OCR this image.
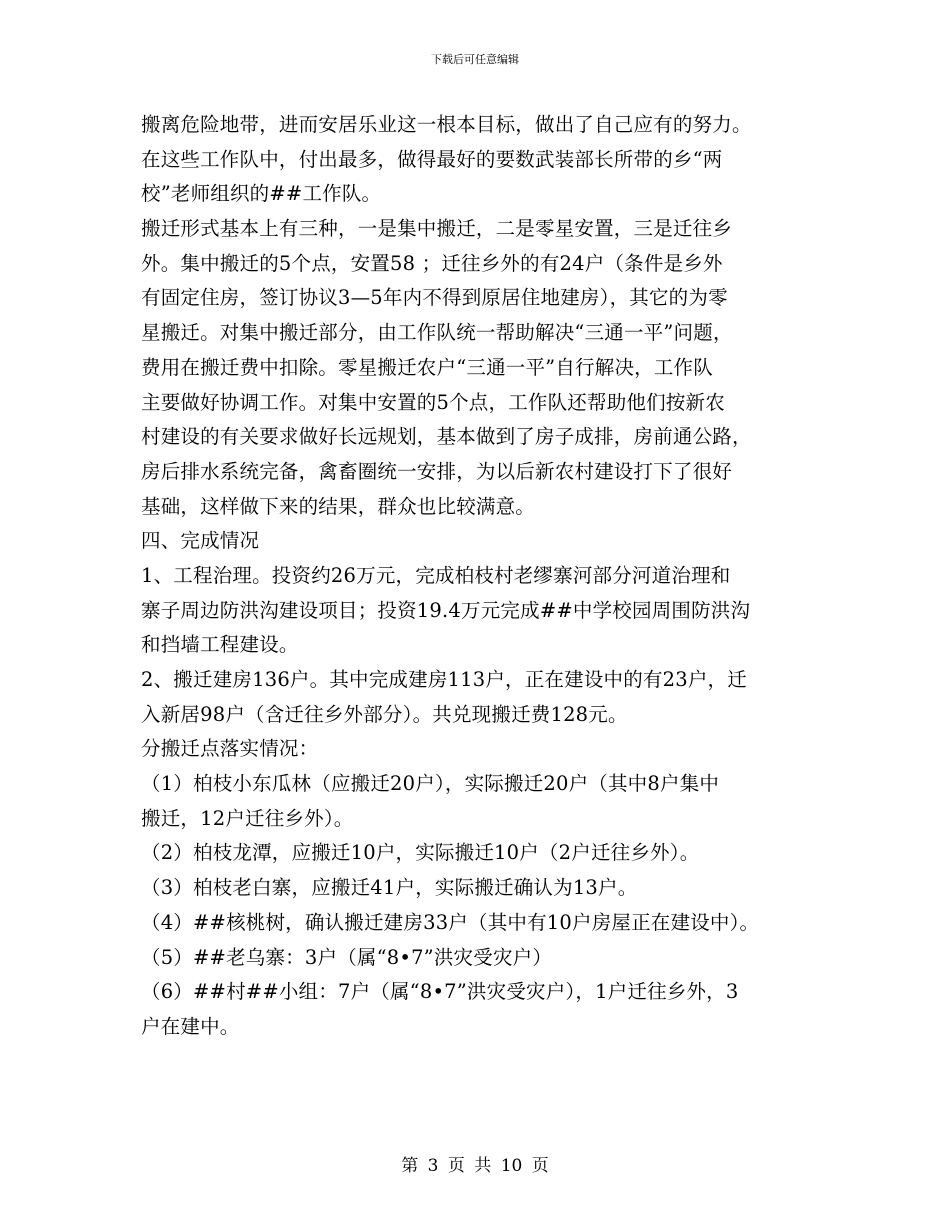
下载后可任意编辑
搬离危险地带，进而安居乐业这一根本目标，做出了自己应有的努力。
在这些工作队中，付出最多，做得最好的要数武装部长所带的乡“两
校”老师组织的##工作队。
搬迁形式基本上有三种，一是集中搬迁，二是零星安置，三是迁往乡
外。集中搬迁的5个点，安置58 ；迁往乡外的有24户（条件是乡外
有固定住房，签订协议3—5年内不得到原居住地建房），其它的为零
星搬迁。对集中搬迁部分，由工作队统一帮助解决“三通一平”问题，
费用在搬迁费中扣除。零星搬迁农户“三通一平”自行解决，工作队
主要做好协调工作。对集中安置的5个点，工作队还帮助他们按新农
村建设的有关要求做好长远规划，基本做到了房子成排，房前通公路，
房后排水系统完备，禽畜圈统一安排，为以后新农村建设打下了很好
基础，这样做下来的结果，群众也比较满意。
四、完成情况
1、工程治理。投资约26万元，完成柏枝村老缪寨河部分河道治理和
寨子周边防洪沟建设项目；投资19.4万元完成##中学校园周围防洪沟
和挡墙工程建设。
2、搬迁建房136户。其中完成建房113户，正在建设中的有23户，迁
入新居98户（含迁往乡外部分）。共兑现搬迁费128元。
分搬迁点落实情况：
（1）柏枝小东瓜林（应搬迁20户），实际搬迁20户（其中8户集中
搬迁，12户迁往乡外）。
（2）柏枝龙潭，应搬迁10户，实际搬迁10户（2户迁往乡外）。
（3）柏枝老白寨，应搬迁41户，实际搬迁确认为13户。
（4）##核桃树，确认搬迁建房33户（其中有10户房屋正在建设中）。
（5）##老乌寨：3户（属“8•7”洪灾受灾户）
（6）##村##小组：7户（属“8•7”洪灾受灾户），1户迁往乡外，3
户在建中。
第 3 页 共 10 页
